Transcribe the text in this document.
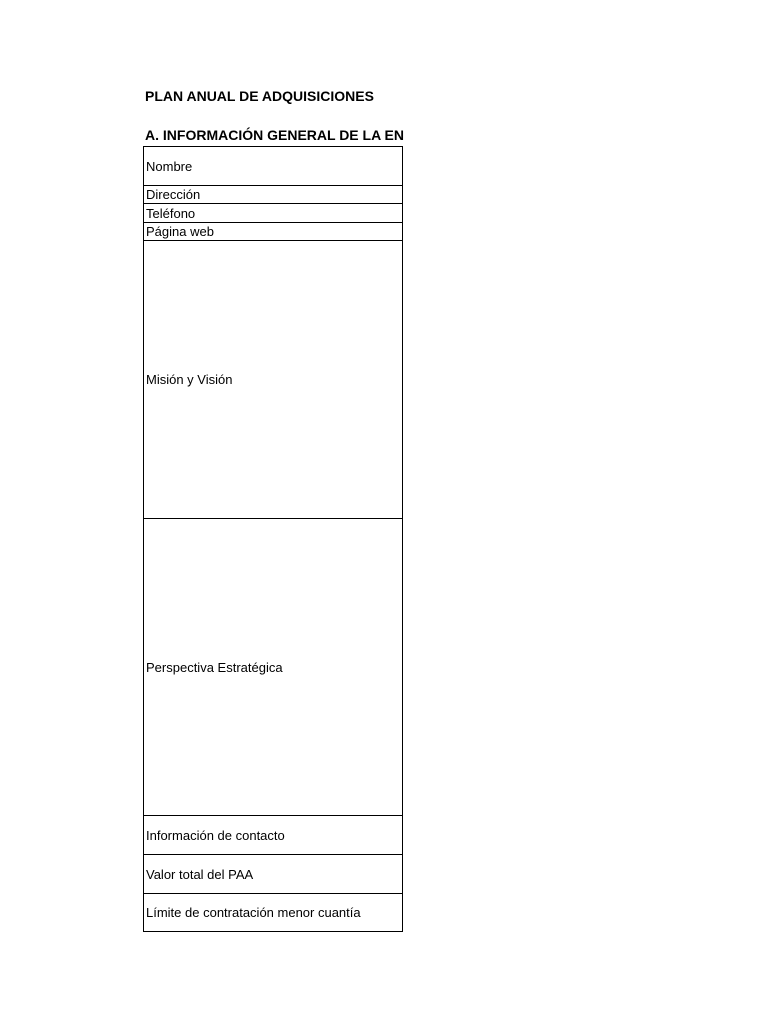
PLAN ANUAL DE ADQUISICIONES
A. INFORMACIÓN GENERAL DE LA EN
Nombre
Dirección
Teléfono
Página web
Misión y Visión
Perspectiva Estratégica
Información de contacto
Valor total del PAA
Límite de contratación menor cuantía
